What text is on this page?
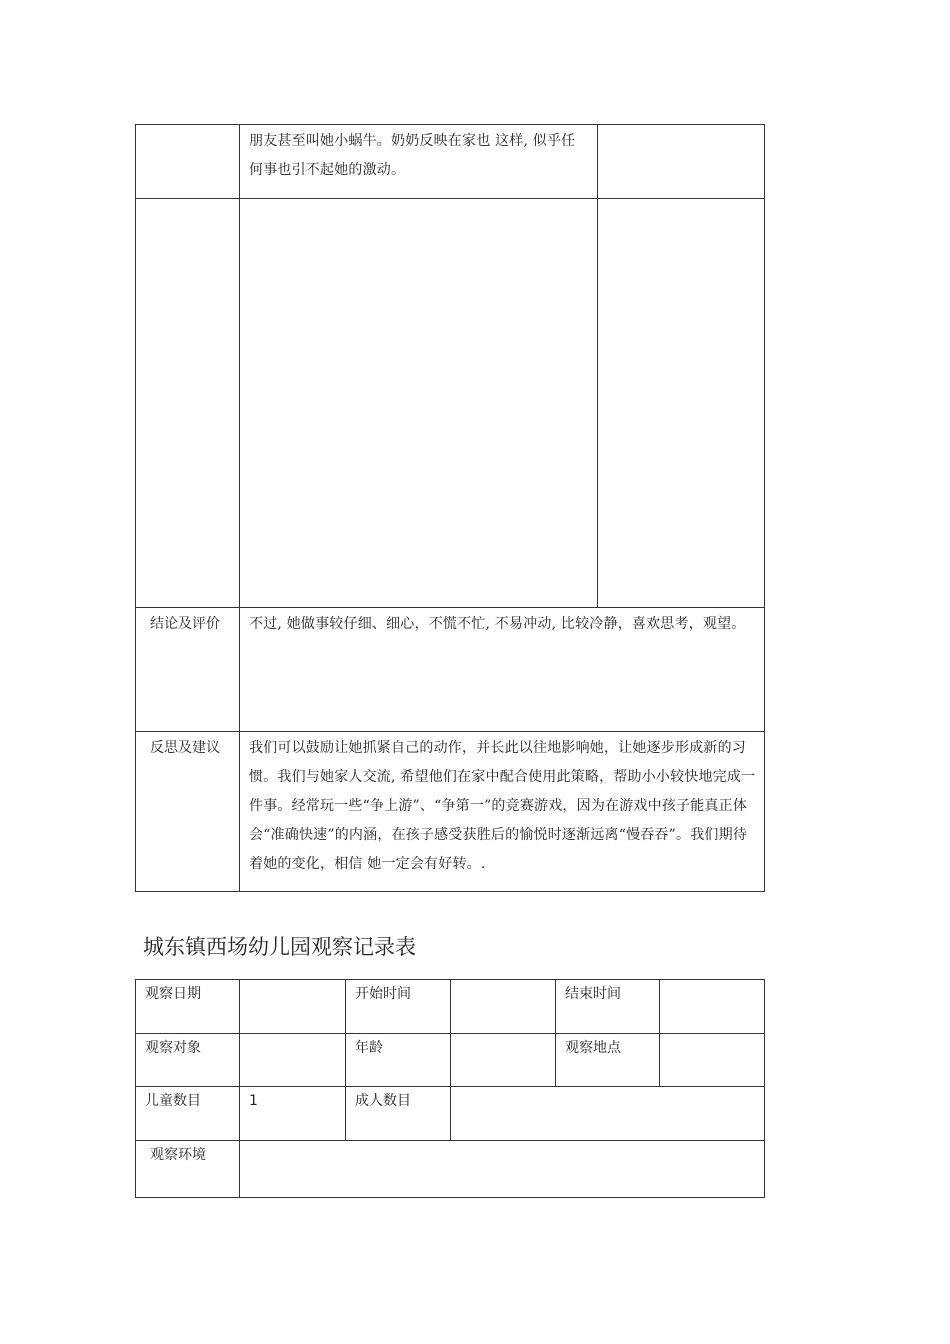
	朋友甚至叫她小蜗牛。奶奶反映在家也 这样, 似乎任何事也引不起她的激动。	

结论及评价	不过, 她做事较仔细、细心，不慌不忙, 不易冲动, 比较冷静，喜欢思考，观望。	

反思及建议	我们可以鼓励让她抓紧自己的动作，并长此以往地影响她，让她逐步形成新的习惯。我们与她家人交流, 希望他们在家中配合使用此策略，帮助小小较快地完成一件事。经常玩一些“争上游”、“争第一”的竞赛游戏，因为在游戏中孩子能真正体会“准确快速”的内涵，在孩子感受获胜后的愉悦时逐渐远离“慢吞吞”。我们期待着她的变化，相信 她一定会有好转。.	
城东镇西场幼儿园观察记录表
观察日期		开始时间		结束时间	

观察对象		年龄		观察地点	

儿童数目	1	成人数目			

观察环境					
